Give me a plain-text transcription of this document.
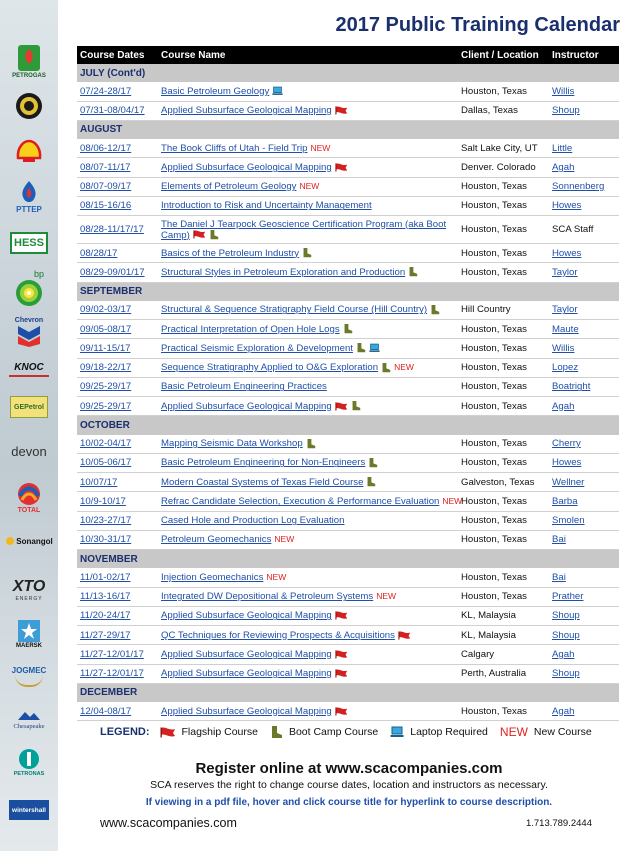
PETROGAS
PTTEP
HESS
bp
Chevron
KNOC
GEPetrol
devon
TOTAL
Sonangol
XTO
ENERGY
MAERSK
JOGMEC
Chesapeake
PETRONAS
wintershall
2017 Public Training Calendar
Course Dates	Course Name	Client / Location	Instructor
JULY (Cont'd)			
07/24-28/17	Basic Petroleum Geology	Houston, Texas	Willis
07/31-08/04/17	Applied Subsurface Geological Mapping	Dallas, Texas	Shoup
AUGUST			
08/06-12/17	The Book Cliffs of Utah - Field Trip NEW	Salt Lake City, UT	Little
08/07-11/17	Applied Subsurface Geological Mapping	Denver. Colorado	Agah
08/07-09/17	Elements of Petroleum Geology NEW	Houston, Texas	Sonnenberg
08/15-16/16	Introduction to Risk and Uncertainty Management	Houston, Texas	Howes
08/28-11/17/17	The Daniel J Tearpock Geoscience Certification Program (aka Boot Camp)	Houston, Texas	SCA Staff
08/28/17	Basics of the Petroleum Industry	Houston, Texas	Howes
08/29-09/01/17	Structural Styles in Petroleum Exploration and Production	Houston, Texas	Taylor
SEPTEMBER			
09/02-03/17	Structural & Sequence Stratigraphy Field Course (Hill Country)	Hill Country	Taylor
09/05-08/17	Practical Interpretation of Open Hole Logs	Houston, Texas	Maute
09/11-15/17	Practical Seismic Exploration & Development	Houston, Texas	Willis
09/18-22/17	Sequence Stratigraphy Applied to O&G Exploration NEW	Houston, Texas	Lopez
09/25-29/17	Basic Petroleum Engineering Practices	Houston, Texas	Boatright
09/25-29/17	Applied Subsurface Geological Mapping	Houston, Texas	Agah
OCTOBER			
10/02-04/17	Mapping Seismic Data Workshop	Houston, Texas	Cherry
10/05-06/17	Basic Petroleum Engineering for Non-Engineers	Houston, Texas	Howes
10/07/17	Modern Coastal Systems of Texas Field Course	Galveston, Texas	Wellner
10/9-10/17	Refrac Candidate Selection, Execution & Performance Evaluation NEW	Houston, Texas	Barba
10/23-27/17	Cased Hole and Production Log Evaluation	Houston, Texas	Smolen
10/30-31/17	Petroleum Geomechanics NEW	Houston, Texas	Bai
NOVEMBER			
11/01-02/17	Injection Geomechanics NEW	Houston, Texas	Bai
11/13-16/17	Integrated DW Depositional & Petroleum Systems NEW	Houston, Texas	Prather
11/20-24/17	Applied Subsurface Geological Mapping	KL, Malaysia	Shoup
11/27-29/17	QC Techniques for Reviewing Prospects & Acquisitions	KL, Malaysia	Shoup
11/27-12/01/17	Applied Subsurface Geological Mapping	Calgary	Agah
11/27-12/01/17	Applied Subsurface Geological Mapping	Perth, Australia	Shoup
DECEMBER			
12/04-08/17	Applied Subsurface Geological Mapping	Houston, Texas	Agah
LEGEND:	Flagship Course	Boot Camp Course	Laptop Required NEW New Course
Register online at www.scacompanies.com
SCA reserves the right to change course dates, location and instructors as necessary.
If viewing in a pdf file, hover and click course title for hyperlink to course description.
www.scacompanies.com	1.713.789.2444
